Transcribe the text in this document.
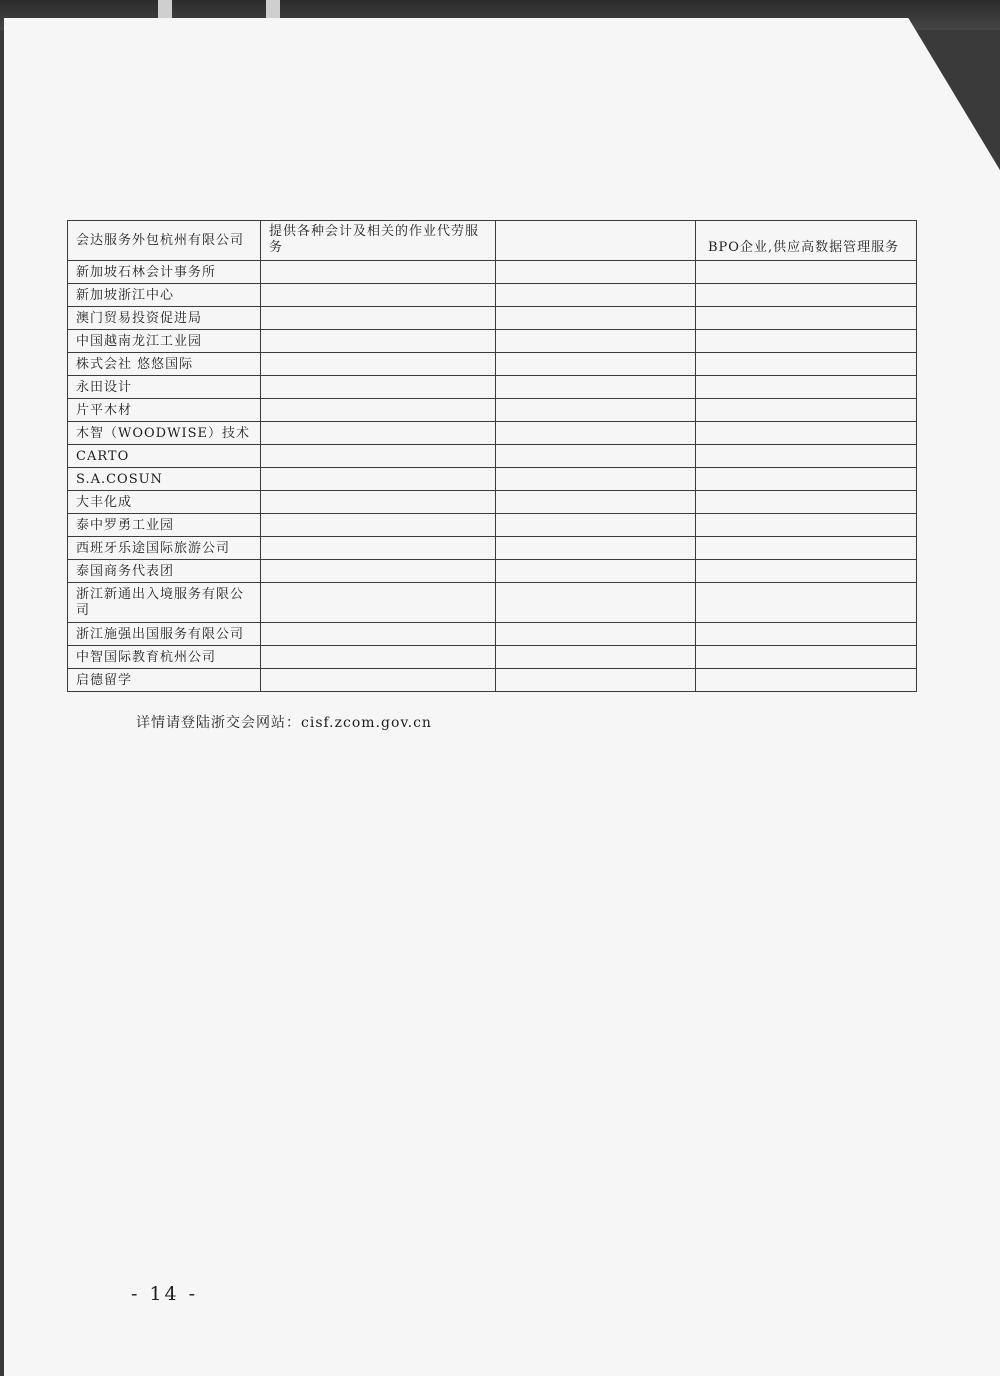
会达服务外包杭州有限公司	提供各种会计及相关的作业代劳服务		BPO企业,供应高数据管理服务
新加坡石林会计事务所			
新加坡浙江中心			
澳门贸易投资促进局			
中国越南龙江工业园			
株式会社 悠悠国际			
永田设计			
片平木材			
木智（WOODWISE）技术			
CARTO			
S.A.COSUN			
大丰化成			
泰中罗勇工业园			
西班牙乐途国际旅游公司			
泰国商务代表团			
浙江新通出入境服务有限公司			
浙江施强出国服务有限公司			
中智国际教育杭州公司			
启德留学			
详情请登陆浙交会网站：cisf.zcom.gov.cn
- 14 -
